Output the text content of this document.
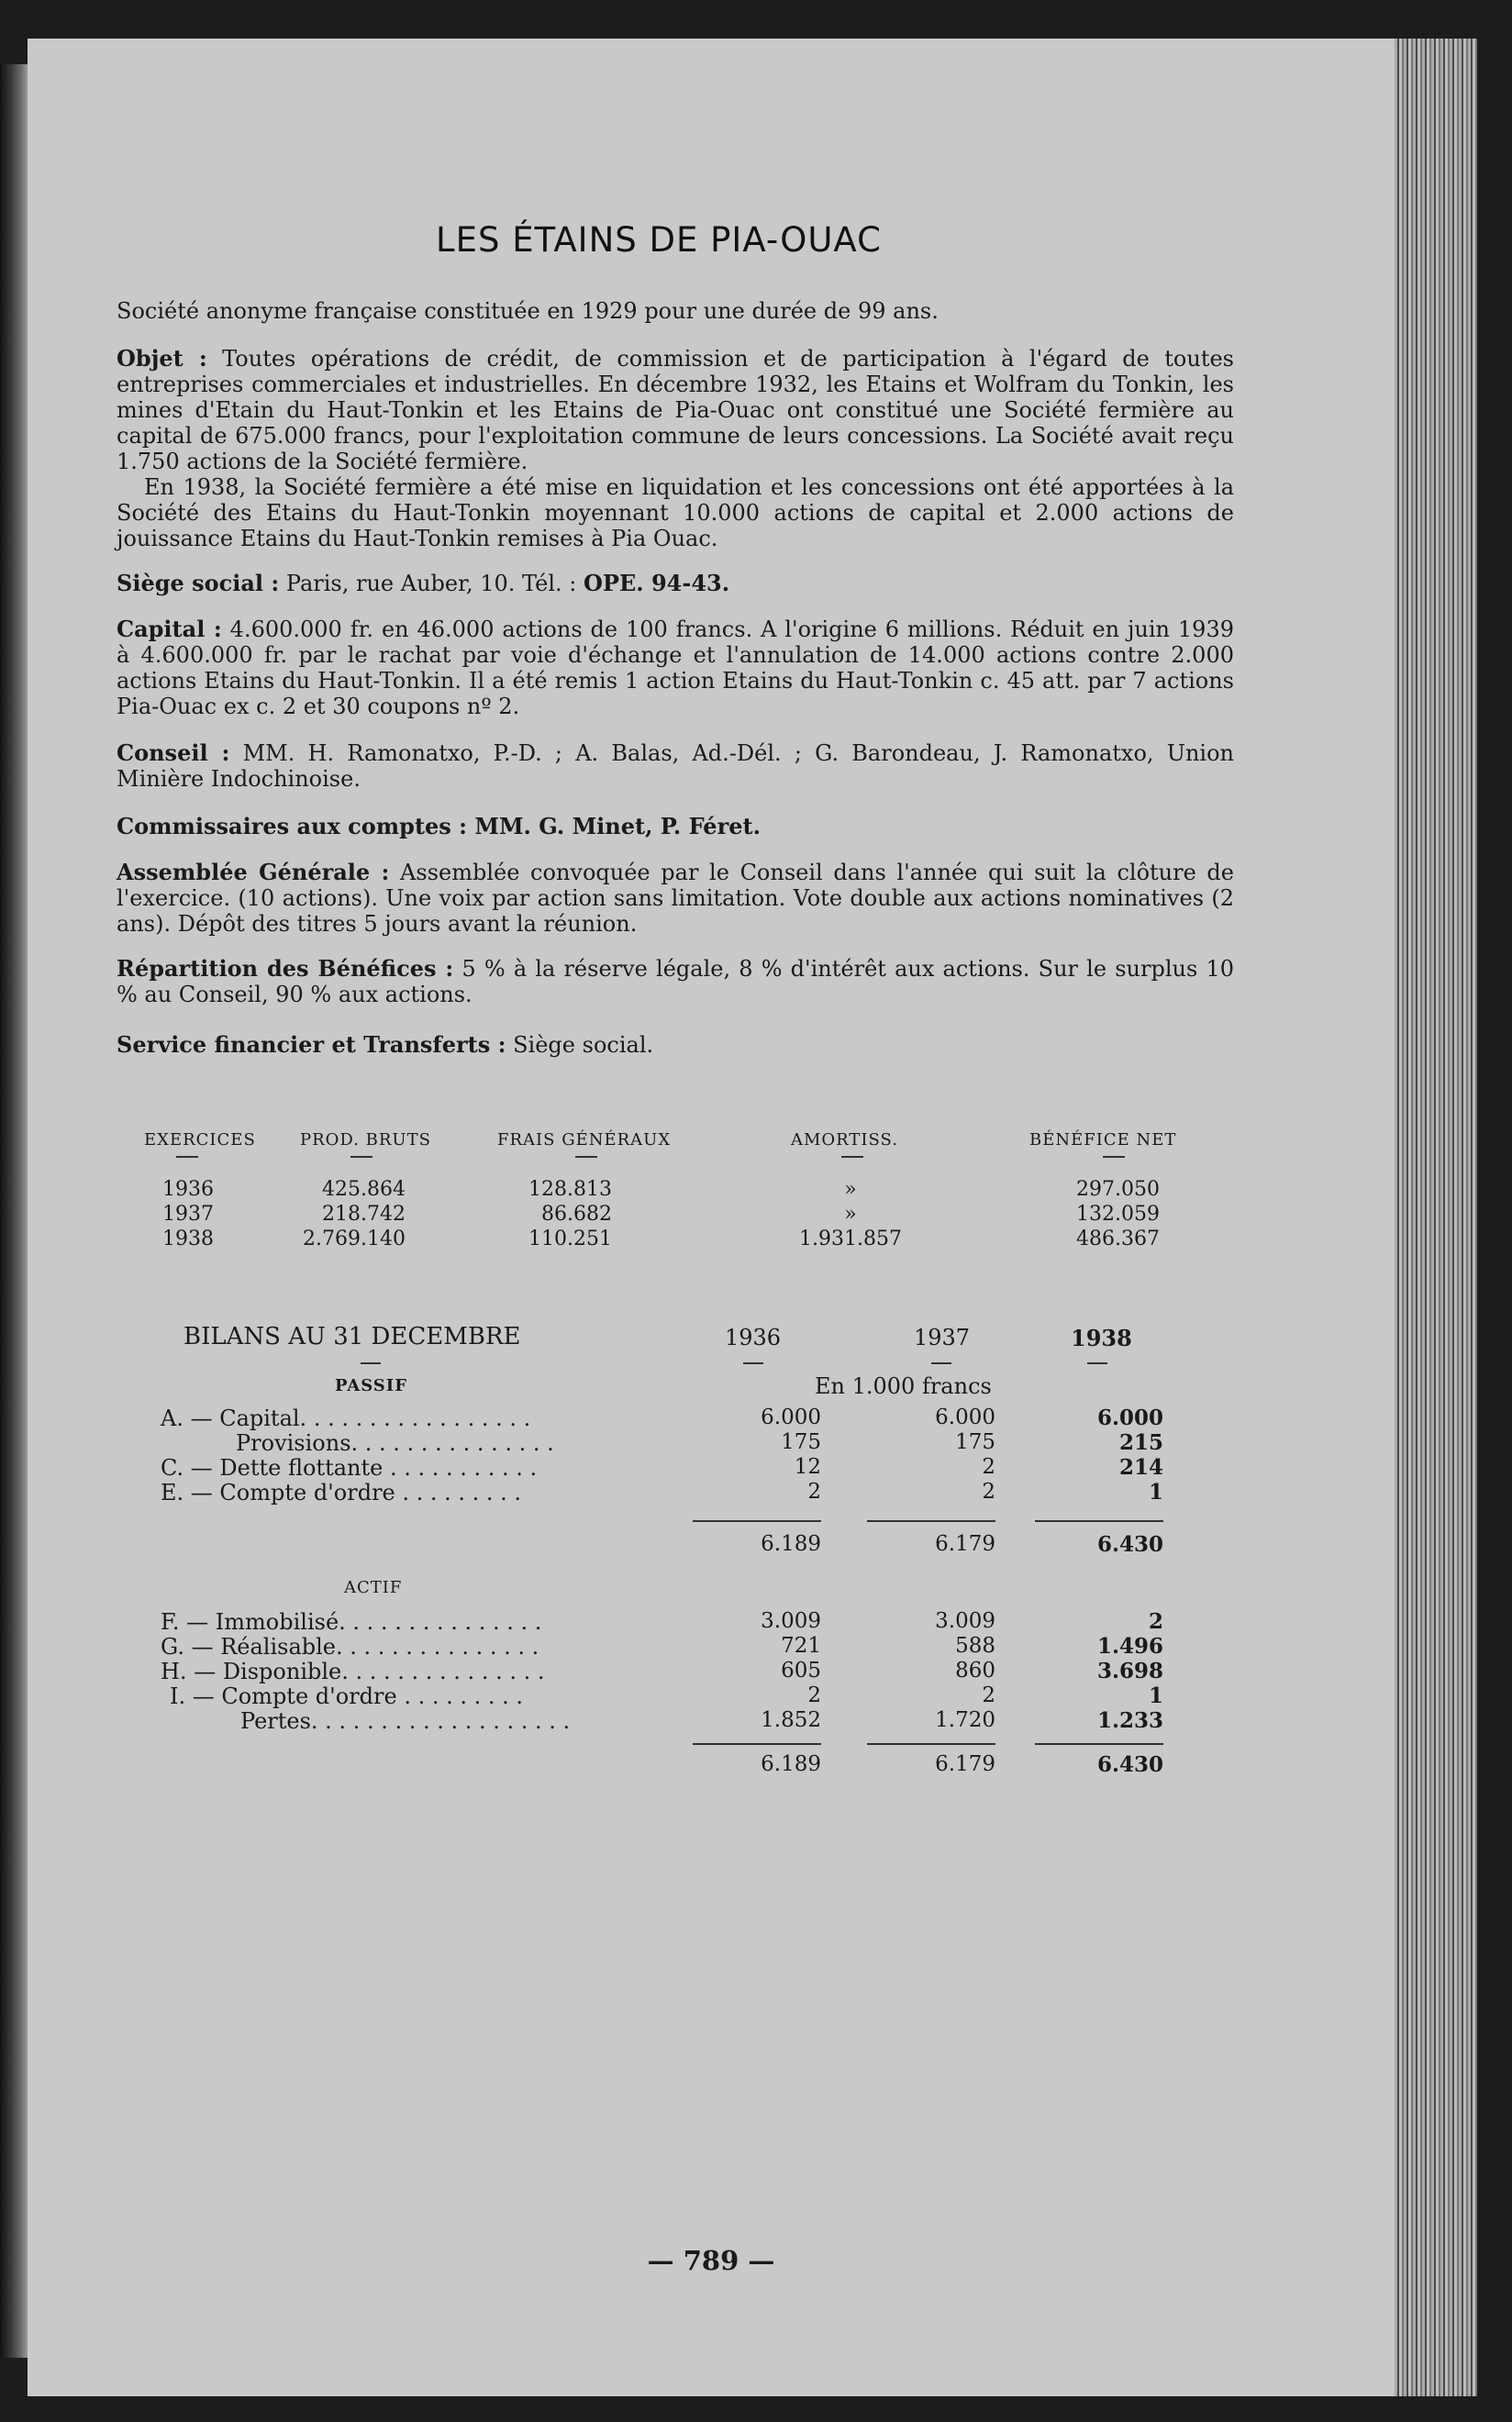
LES ÉTAINS DE PIA-OUAC

Société anonyme française constituée en 1929 pour une durée de 99 ans.

Objet : Toutes opérations de crédit, de commission et de participation à l'égard de toutes entreprises commerciales et industrielles. En décembre 1932, les Etains et Wolfram du Tonkin, les mines d'Etain du Haut-Tonkin et les Etains de Pia-Ouac ont constitué une Société fermière au capital de 675.000 francs, pour l'exploitation commune de leurs concessions. La Société avait reçu 1.750 actions de la Société fermière.

En 1938, la Société fermière a été mise en liquidation et les concessions ont été apportées à la Société des Etains du Haut-Tonkin moyennant 10.000 actions de capital et 2.000 actions de jouissance Etains du Haut-Tonkin remises à Pia Ouac.

Siège social : Paris, rue Auber, 10. Tél. : OPE. 94-43.

Capital : 4.600.000 fr. en 46.000 actions de 100 francs. A l'origine 6 millions. Réduit en juin 1939 à 4.600.000 fr. par le rachat par voie d'échange et l'annulation de 14.000 actions contre 2.000 actions Etains du Haut-Tonkin. Il a été remis 1 action Etains du Haut-Tonkin c. 45 att. par 7 actions Pia-Ouac ex c. 2 et 30 coupons nº 2.

Conseil : MM. H. Ramonatxo, P.-D. ; A. Balas, Ad.-Dél. ; G. Barondeau, J. Ramonatxo, Union Minière Indochinoise.

Commissaires aux comptes : MM. G. Minet, P. Féret.

Assemblée Générale : Assemblée convoquée par le Conseil dans l'année qui suit la clôture de l'exercice. (10 actions). Une voix par action sans limitation. Vote double aux actions nominatives (2 ans). Dépôt des titres 5 jours avant la réunion.

Répartition des Bénéfices : 5 % à la réserve légale, 8 % d'intérêt aux actions. Sur le surplus 10 % au Conseil, 90 % aux actions.

Service financier et Transferts : Siège social.

EXERCICES	PROD. BRUTS	FRAIS GÉNÉRAUX	AMORTISS.	BÉNÉFICE NET
1936	425.864	128.813	»	297.050
1937	218.742	86.682	»	132.059
1938	2.769.140	110.251	1.931.857	486.367
BILANS AU 31 DECEMBRE	1936	1937	1938
PASSIF	En 1.000 francs
A. — Capital. . . . . . . . . . . . . . . . .	6.000	6.000	6.000
Provisions. . . . . . . . . . . . . . .	175	175	215
C. — Dette flottante . . . . . . . . . . .	12	2	214
E. — Compte d'ordre . . . . . . . . .	2	2	1
6.189	6.179	6.430
ACTIF
F. — Immobilisé. . . . . . . . . . . . . . .	3.009	3.009	2
G. — Réalisable. . . . . . . . . . . . . . .	721	588	1.496
H. — Disponible. . . . . . . . . . . . . . .	605	860	3.698
I. — Compte d'ordre . . . . . . . . .	2	2	1
Pertes. . . . . . . . . . . . . . . . . . .	1.852	1.720	1.233
6.189	6.179	6.430
— 789 —
